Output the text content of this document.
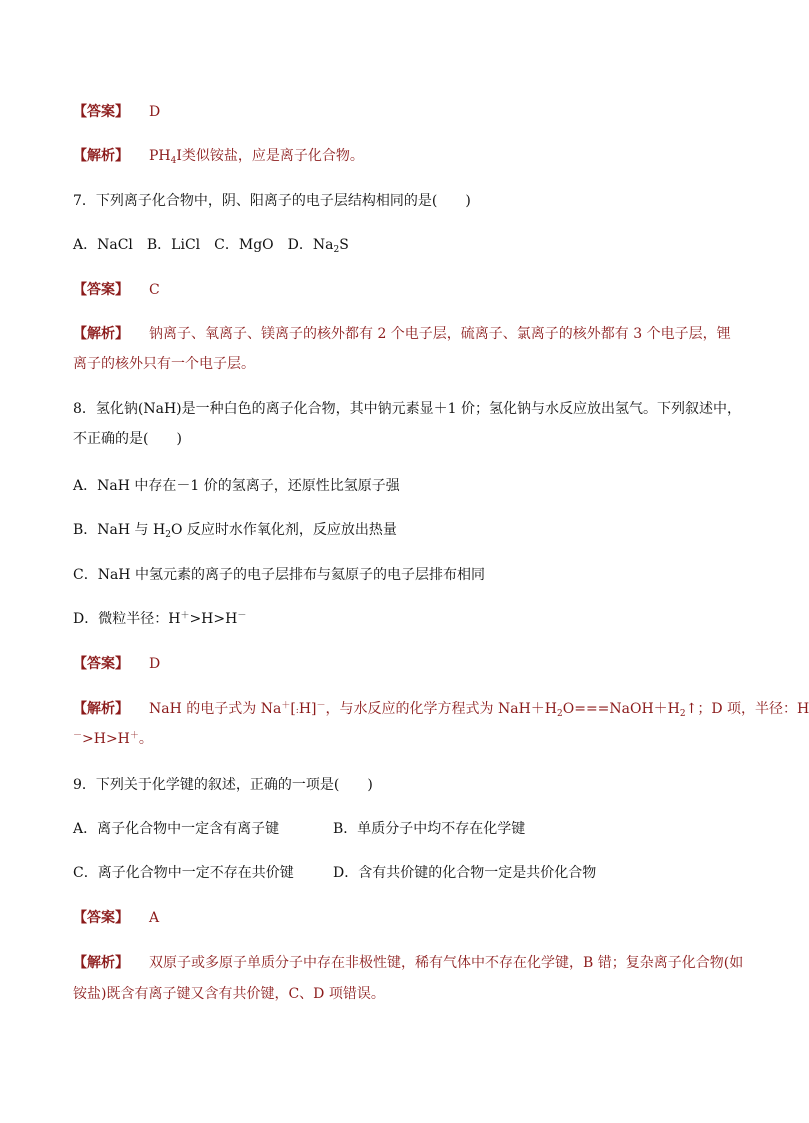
【答案】 D
【解析】 $PH_4I$类似铵盐，应是离子化合物。
7．下列离子化合物中，阴、阳离子的电子层结构相同的是(　　)
A．NaCl　B．LiCl　C．MgO　D．$Na_2S$
【答案】 C
【解析】 钠离子、氧离子、镁离子的核外都有 2 个电子层，硫离子、氯离子的核外都有 3 个电子层，锂
离子的核外只有一个电子层。
8．氢化钠(NaH)是一种白色的离子化合物，其中钠元素显＋1 价；氢化钠与水反应放出氢气。下列叙述中，
不正确的是(　　)
A．NaH 中存在－1 价的氢离子，还原性比氢原子强
B．NaH 与 $H_2O$ 反应时水作氧化剂，反应放出热量
C．NaH 中氢元素的离子的电子层排布与氦原子的电子层排布相同
D．微粒半径：H＋>H>H－
【答案】 D
【解析】 NaH 的电子式为 Na＋[:H]－，与水反应的化学方程式为 $NaH+H_2O===NaOH+H_2↑$；D 项，半径：H
－>H>H＋。
9．下列关于化学键的叙述，正确的一项是(　　)
A．离子化合物中一定含有离子键	B．单质分子中均不存在化学键
C．离子化合物中一定不存在共价键	D．含有共价键的化合物一定是共价化合物
【答案】 A
【解析】 双原子或多原子单质分子中存在非极性键，稀有气体中不存在化学键，B 错；复杂离子化合物(如
铵盐)既含有离子键又含有共价键，C、D 项错误。
